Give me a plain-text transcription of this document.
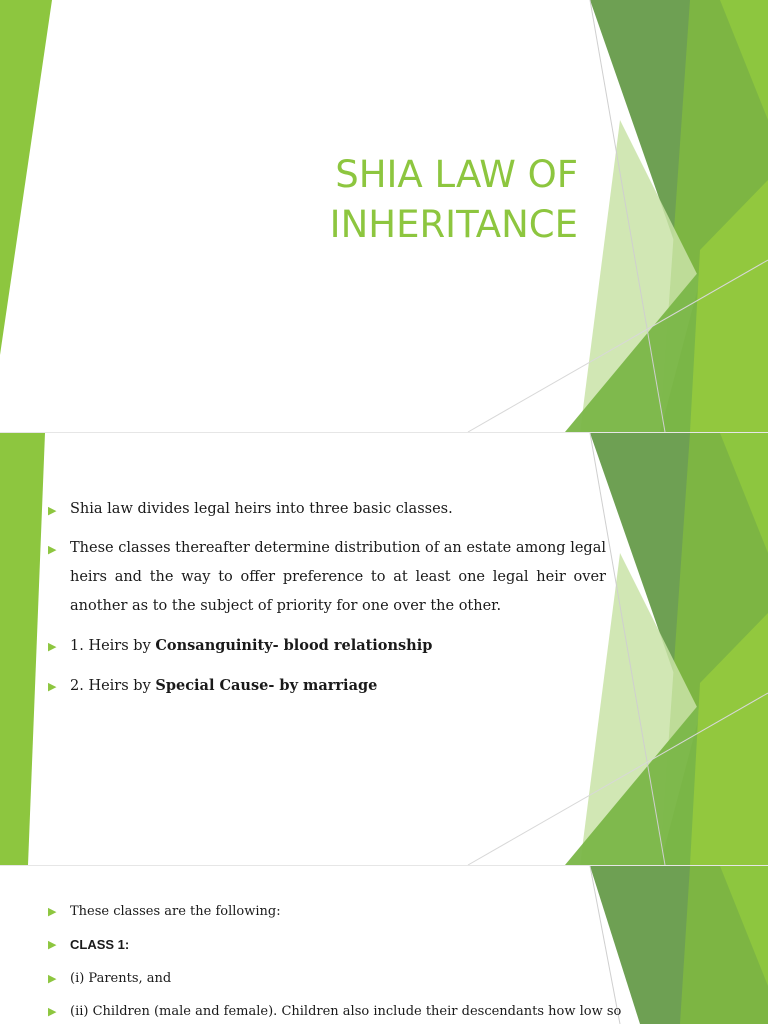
SHIA LAW OF
INHERITANCE
▶ Shia law divides legal heirs into three basic classes.
▶ These classes thereafter determine distribution of an estate among legal heirs and the way to offer preference to at least one legal heir over another as to the subject of priority for one over the other.
▶ 1. Heirs by Consanguinity- blood relationship
▶ 2. Heirs by Special Cause- by marriage
▶ These classes are the following:
▶ CLASS 1:
▶ (i) Parents, and
▶ (ii) Children (male and female). Children also include their descendants how low so
